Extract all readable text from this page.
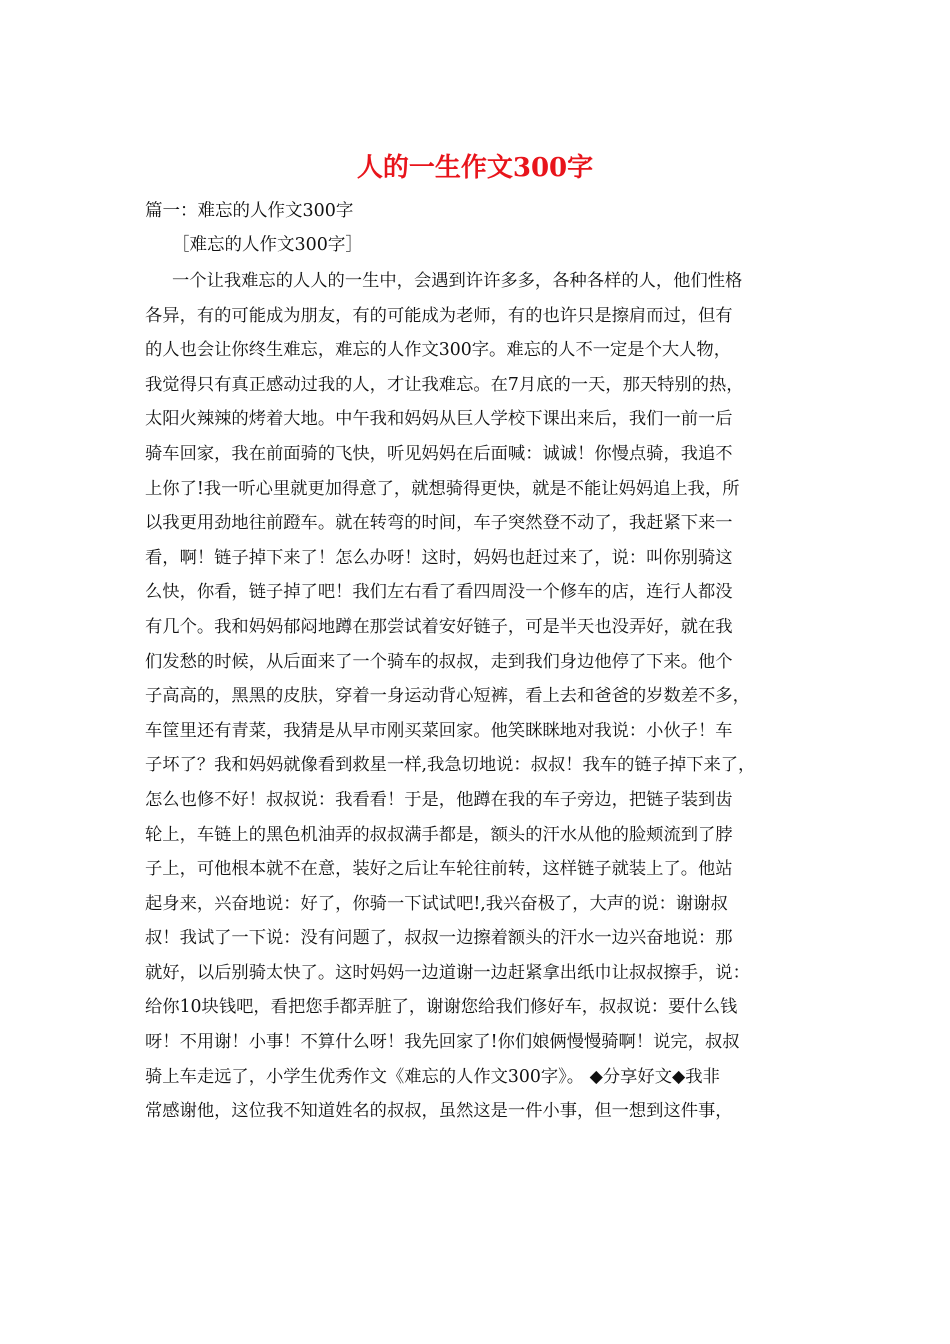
人的一生作文300字
篇一：难忘的人作文300字
［难忘的人作文300字］
一个让我难忘的人人的一生中，会遇到许许多多，各种各样的人，他们性格
各异，有的可能成为朋友，有的可能成为老师，有的也许只是擦肩而过，但有
的人也会让你终生难忘，难忘的人作文300字。难忘的人不一定是个大人物，
我觉得只有真正感动过我的人，才让我难忘。在7月底的一天，那天特别的热，
太阳火辣辣的烤着大地。中午我和妈妈从巨人学校下课出来后，我们一前一后
骑车回家，我在前面骑的飞快，听见妈妈在后面喊：诚诚！你慢点骑，我追不
上你了!我一听心里就更加得意了，就想骑得更快，就是不能让妈妈追上我，所
以我更用劲地往前蹬车。就在转弯的时间，车子突然登不动了，我赶紧下来一
看，啊！链子掉下来了！怎么办呀！这时，妈妈也赶过来了，说：叫你别骑这
么快，你看，链子掉了吧！我们左右看了看四周没一个修车的店，连行人都没
有几个。我和妈妈郁闷地蹲在那尝试着安好链子，可是半天也没弄好，就在我
们发愁的时候，从后面来了一个骑车的叔叔，走到我们身边他停了下来。他个
子高高的，黑黑的皮肤，穿着一身运动背心短裤，看上去和爸爸的岁数差不多，
车筐里还有青菜，我猜是从早市刚买菜回家。他笑眯眯地对我说：小伙子！车
子坏了？我和妈妈就像看到救星一样,我急切地说：叔叔！我车的链子掉下来了，
怎么也修不好！叔叔说：我看看！于是，他蹲在我的车子旁边，把链子装到齿
轮上，车链上的黑色机油弄的叔叔满手都是，额头的汗水从他的脸颊流到了脖
子上，可他根本就不在意，装好之后让车轮往前转，这样链子就装上了。他站
起身来，兴奋地说：好了，你骑一下试试吧!,我兴奋极了，大声的说：谢谢叔
叔！我试了一下说：没有问题了，叔叔一边擦着额头的汗水一边兴奋地说：那
就好，以后别骑太快了。这时妈妈一边道谢一边赶紧拿出纸巾让叔叔擦手，说：
给你10块钱吧，看把您手都弄脏了，谢谢您给我们修好车，叔叔说：要什么钱
呀！不用谢！小事！不算什么呀！我先回家了!你们娘俩慢慢骑啊！说完，叔叔
骑上车走远了，小学生优秀作文《难忘的人作文300字》。 ◆分享好文◆我非
常感谢他，这位我不知道姓名的叔叔，虽然这是一件小事，但一想到这件事，
